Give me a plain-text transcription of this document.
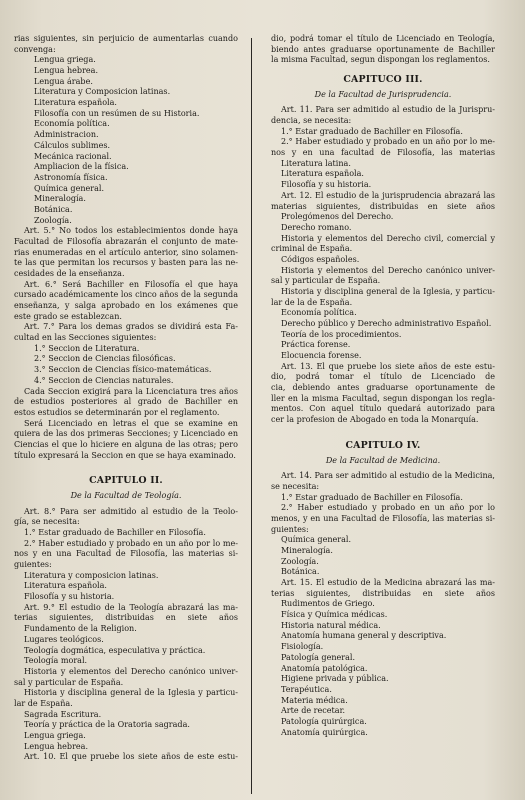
rias siguientes, sin perjuicio de aumentarlas cuando
convenga:
Lengua griega.
Lengua hebrea.
Lengua árabe.
Literatura y Composicion latinas.
Literatura española.
Filosofía con un resúmen de su Historia.
Economía política.
Administracion.
Cálculos sublimes.
Mecánica racional.
Ampliacion de la física.
Astronomía física.
Química general.
Mineralogía.
Botánica.
Zoología.
Art. 5.° No todos los establecimientos donde haya
Facultad de Filosofía abrazarán el conjunto de mate-
rias enumeradas en el artículo anterior, sino solamen-
te las que permitan los recursos y basten para las ne-
cesidades de la enseñanza.
Art. 6.° Será Bachiller en Filosofía el que haya
cursado académicamente los cinco años de la segunda
enseñanza, y salga aprobado en los exámenes que
este grado se establezcan.
Art. 7.° Para los demas grados se dividirá esta Fa-
cultad en las Secciones siguientes:
1.° Seccion de Literatura.
2.° Seccion de Ciencias filosóficas.
3.° Seccion de Ciencias físico-matemáticas.
4.° Seccion de Ciencias naturales.
Cada Seccion exigirá para la Licenciatura tres años
de estudios posteriores al grado de Bachiller en
estos estudios se determinarán por el reglamento.
Será Licenciado en letras el que se examine en
quiera de las dos primeras Secciones; y Licenciado en
Ciencias el que lo hiciere en alguna de las otras; pero
título expresará la Seccion en que se haya examinado.
CAPITULO II.
De la Facultad de Teología.
Art. 8.° Para ser admitido al estudio de la Teolo-
gía, se necesita:
1.° Estar graduado de Bachiller en Filosofía.
2.° Haber estudiado y probado en un año por lo me-
nos y en una Facultad de Filosofía, las materias si-
guientes:
Literatura y composicion latinas.
Literatura española.
Filosofía y su historia.
Art. 9.° El estudio de la Teología abrazará las ma-
terias siguientes, distribuidas en siete años
Fundamento de la Religion.
Lugares teológicos.
Teología dogmática, especulativa y práctica.
Teología moral.
Historia y elementos del Derecho canónico univer-
sal y particular de España.
Historia y disciplina general de la Iglesia y particu-
lar de España.
Sagrada Escritura.
Teoría y práctica de la Oratoria sagrada.
Lengua griega.
Lengua hebrea.
Art. 10. El que pruebe los siete años de este estu-
dio, podrá tomar el título de Licenciado en Teología,
biendo antes graduarse oportunamente de Bachiller
la misma Facultad, segun dispongan los reglamentos.
CAPITUCO III.
De la Facultad de Jurisprudencia.
Art. 11. Para ser admitido al estudio de la Jurispru-
dencia, se necesita:
1.° Estar graduado de Bachiller en Filosofía.
2.° Haber estudiado y probado en un año por lo me-
nos y en una facultad de Filosofía, las materias
Literatura latina.
Literatura española.
Filosofía y su historia.
Art. 12. El estudio de la jurisprudencia abrazará las
materias siguientes, distribuidas en siete años
Prolegómenos del Derecho.
Derecho romano.
Historia y elementos del Derecho civil, comercial y
criminal de España.
Códigos españoles.
Historia y elementos del Derecho canónico univer-
sal y particular de España.
Historia y disciplina general de la Iglesia, y particu-
lar de la de España.
Economía política.
Derecho público y Derecho administrativo Español.
Teoría de los procedimientos.
Práctica forense.
Elocuencia forense.
Art. 13. El que pruebe los siete años de este estu-
dio, podrá tomar el título de Licenciado de
cia, debiendo antes graduarse oportunamente de
ller en la misma Facultad, segun dispongan los regla-
mentos. Con aquel título quedará autorizado para
cer la profesion de Abogado en toda la Monarquía.
CAPITULO IV.
De la Facultad de Medicina.
Art. 14. Para ser admitido al estudio de la Medicina,
se necesita:
1.° Estar graduado de Bachiller en Filosofía.
2.° Haber estudiado y probado en un año por lo
menos, y en una Facultad de Filosofía, las materias si-
guientes:
Química general.
Mineralogía.
Zoología.
Botánica.
Art. 15. El estudio de la Medicina abrazará las ma-
terias siguientes, distribuidas en siete años
Rudimentos de Griego.
Física y Química médicas.
Historia natural médica.
Anatomía humana general y descriptiva.
Fisiología.
Patología general.
Anatomía patológica.
Higiene privada y pública.
Terapéutica.
Materia médica.
Arte de recetar.
Patología quirúrgica.
Anatomía quirúrgica.
